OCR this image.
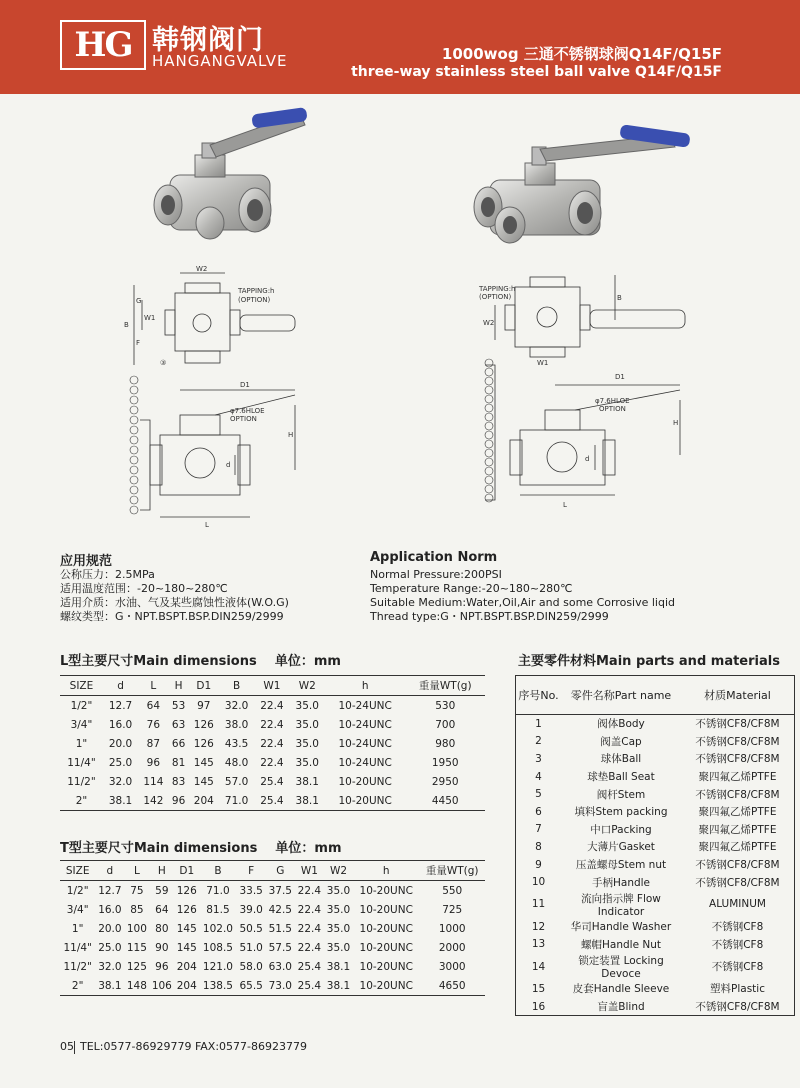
HG 韩钢阀门
HANGANGVALVE	1000wog 三通不锈钢球阀Q14F/Q15F
three-way stainless steel ball valve Q14F/Q15F
W2
TAPPING:h
(OPTION)
W1
G
B
F
D1
φ7.6HLOE
OPTION
H
d
L
③
TAPPING:h
(OPTION)	B
W2
W1
D1
φ7.6HLOE
OPTION
H
d
L
应用规范
公称压力：2.5MPa
适用温度范围：-20~180~280℃
适用介质：水油、气及某些腐蚀性液体(W.O.G)
螺纹类型：G・NPT.BSPT.BSP.DIN259/2999
Application Norm
Normal Pressure:200PSI
Temperature Range:-20~180~280℃
Suitable Medium:Water,Oil,Air and some Corrosive liqid
Thread type:G・NPT.BSPT.BSP.DIN259/2999
L型主要尺寸Main dimensions    单位：mm
SIZE	d	L	H	D1	B	W1	W2	h	重量WT(g)
1/2"	12.7	64	53	97	32.0	22.4	35.0	10-24UNC	530
3/4"	16.0	76	63	126	38.0	22.4	35.0	10-24UNC	700
1"	20.0	87	66	126	43.5	22.4	35.0	10-24UNC	980
11/4"	25.0	96	81	145	48.0	22.4	35.0	10-24UNC	1950
11/2"	32.0	114	83	145	57.0	25.4	38.1	10-20UNC	2950
2"	38.1	142	96	204	71.0	25.4	38.1	10-20UNC	4450
T型主要尺寸Main dimensions    单位：mm
SIZE	d	L	H	D1	B	F	G	W1	W2	h	重量WT(g)
1/2"	12.7	75	59	126	71.0	33.5	37.5	22.4	35.0	10-20UNC	550
3/4"	16.0	85	64	126	81.5	39.0	42.5	22.4	35.0	10-20UNC	725
1"	20.0	100	80	145	102.0	50.5	51.5	22.4	35.0	10-20UNC	1000
11/4"	25.0	115	90	145	108.5	51.0	57.5	22.4	35.0	10-20UNC	2000
11/2"	32.0	125	96	204	121.0	58.0	63.0	25.4	38.1	10-20UNC	3000
2"	38.1	148	106	204	138.5	65.5	73.0	25.4	38.1	10-20UNC	4650
主要零件材料Main parts and materials
序号No.	零件名称Part name	材质Material
1	阀体Body	不锈钢CF8/CF8M
2	阀盖Cap	不锈钢CF8/CF8M
3	球体Ball	不锈钢CF8/CF8M
4	球垫Ball Seat	聚四氟乙烯PTFE
5	阀杆Stem	不锈钢CF8/CF8M
6	填料Stem packing	聚四氟乙烯PTFE
7	中口Packing	聚四氟乙烯PTFE
8	大薄片Gasket	聚四氟乙烯PTFE
9	压盖螺母Stem nut	不锈钢CF8/CF8M
10	手柄Handle	不锈钢CF8/CF8M
11	流向指示牌 Flow Indicator	ALUMINUM
12	华司Handle Washer	不锈钢CF8
13	螺帽Handle Nut	不锈钢CF8
14	锁定装置 Locking Devoce	不锈钢CF8
15	皮套Handle Sleeve	塑料Plastic
16	盲盖Blind	不锈钢CF8/CF8M
05 TEL:0577-86929779 FAX:0577-86923779
